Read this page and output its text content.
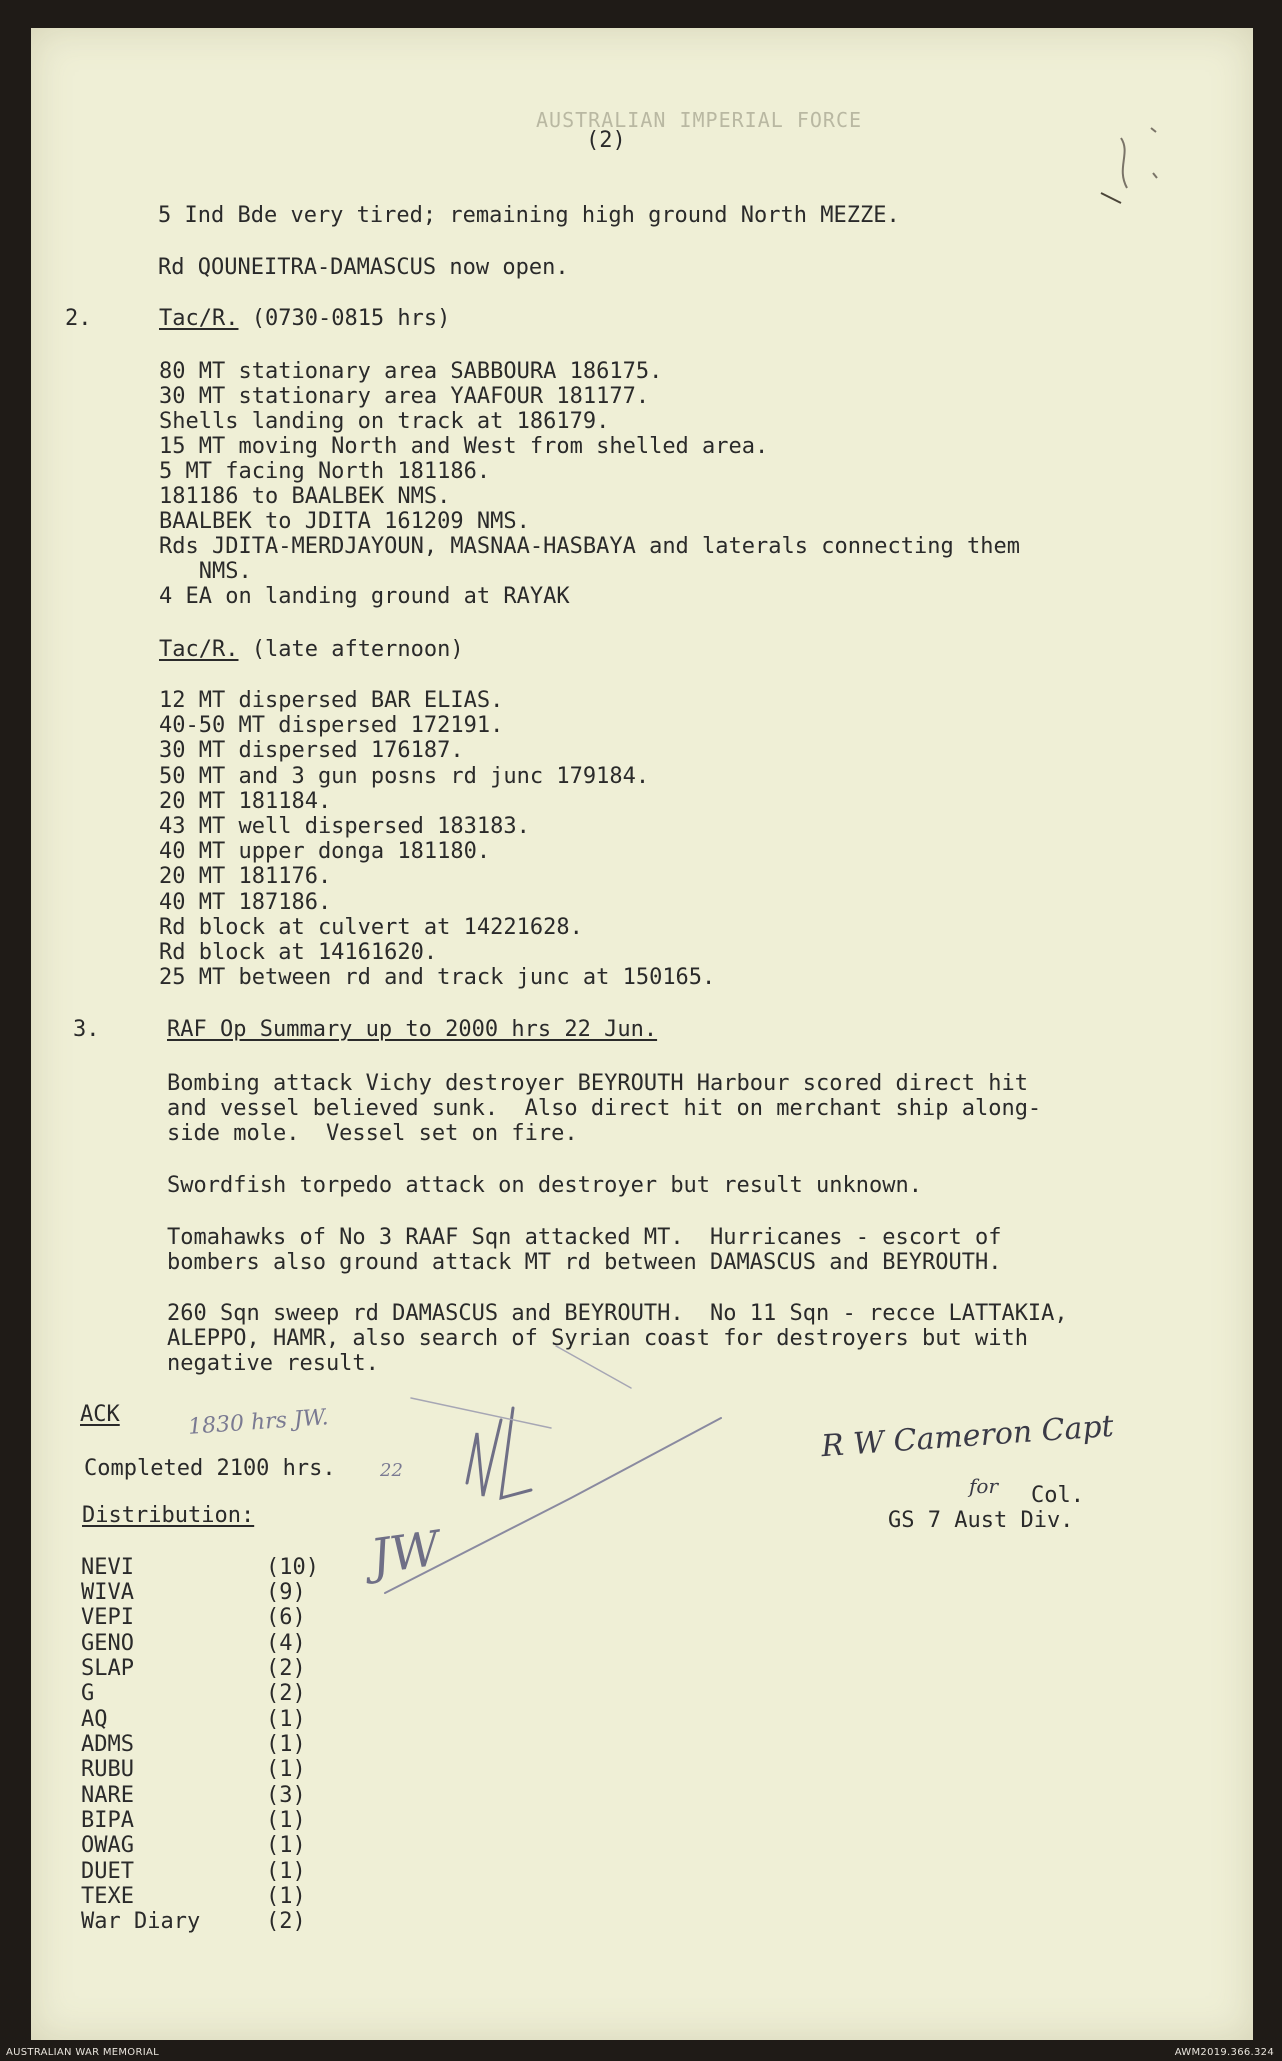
AUSTRALIAN IMPERIAL FORCE
(2)
5 Ind Bde very tired; remaining high ground North MEZZE.
Rd QOUNEITRA-DAMASCUS now open.
2.	Tac/R. (0730-0815 hrs)
80 MT stationary area SABBOURA 186175.
30 MT stationary area YAAFOUR 181177.
Shells landing on track at 186179.
15 MT moving North and West from shelled area.
5 MT facing North 181186.
181186 to BAALBEK NMS.
BAALBEK to JDITA 161209 NMS.
Rds JDITA-MERDJAYOUN, MASNAA-HASBAYA and laterals connecting them
NMS.
4 EA on landing ground at RAYAK
Tac/R. (late afternoon)
12 MT dispersed BAR ELIAS.
40-50 MT dispersed 172191.
30 MT dispersed 176187.
50 MT and 3 gun posns rd junc 179184.
20 MT 181184.
43 MT well dispersed 183183.
40 MT upper donga 181180.
20 MT 181176.
40 MT 187186.
Rd block at culvert at 14221628.
Rd block at 14161620.
25 MT between rd and track junc at 150165.
3.	RAF Op Summary up to 2000 hrs 22 Jun.
Bombing attack Vichy destroyer BEYROUTH Harbour scored direct hit
and vessel believed sunk.  Also direct hit on merchant ship along-
side mole.  Vessel set on fire.
Swordfish torpedo attack on destroyer but result unknown.
Tomahawks of No 3 RAAF Sqn attacked MT.  Hurricanes - escort of
bombers also ground attack MT rd between DAMASCUS and BEYROUTH.
260 Sqn sweep rd DAMASCUS and BEYROUTH.  No 11 Sqn - recce LATTAKIA,
ALEPPO, HAMR, also search of Syrian coast for destroyers but with
negative result.
ACK	1830 hrs JW.
Completed 2100 hrs. 22
Distribution:
NEVI	(10)
WIVA	(9)
VEPI	(6)
GENO	(4)
SLAP	(2)
G	(2)
AQ	(1)
ADMS	(1)
RUBU	(1)
NARE	(3)
BIPA	(1)
OWAG	(1)
DUET	(1)
TEXE	(1)
War Diary	(2)
R W Cameron Capt
for Col.
GS 7 Aust Div.
JW
AUSTRALIAN WAR MEMORIAL	AWM2019.366.324
